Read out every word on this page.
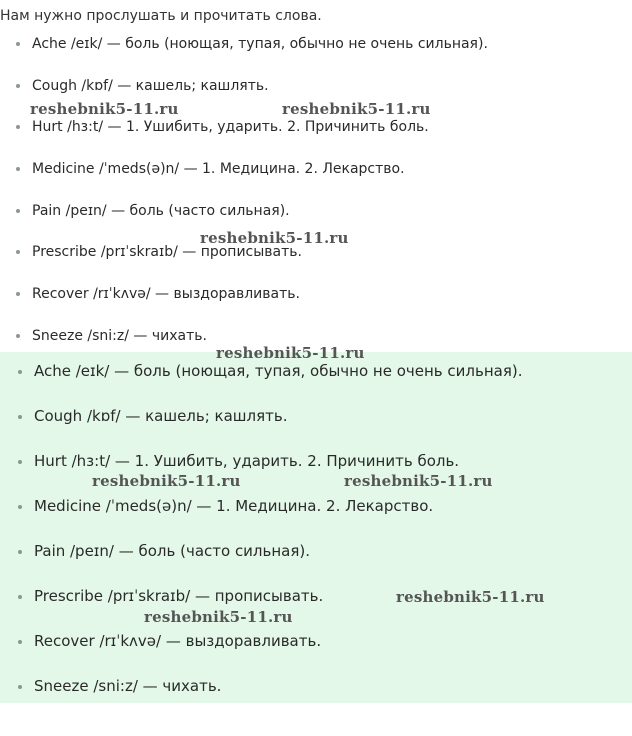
Нам нужно прослушать и прочитать слова.
Ache /eɪk/ — боль (ноющая, тупая, обычно не очень сильная).
Cough /kɒf/ — кашель; кашлять.
Hurt /hɜ:t/ — 1. Ушибить, ударить. 2. Причинить боль.
Medicine /ˈmeds(ə)n/ — 1. Медицина. 2. Лекарство.
Pain /peɪn/ — боль (часто сильная).
Prescribe /prɪˈskraɪb/ — прописывать.
Recover /rɪˈkʌvə/ — выздоравливать.
Sneeze /sni:z/ — чихать.
Ache /eɪk/ — боль (ноющая, тупая, обычно не очень сильная).
Cough /kɒf/ — кашель; кашлять.
Hurt /hɜ:t/ — 1. Ушибить, ударить. 2. Причинить боль.
Medicine /ˈmeds(ə)n/ — 1. Медицина. 2. Лекарство.
Pain /peɪn/ — боль (часто сильная).
Prescribe /prɪˈskraɪb/ — прописывать.
Recover /rɪˈkʌvə/ — выздоравливать.
Sneeze /sni:z/ — чихать.
reshebnik5-11.ru	reshebnik5-11.ru
reshebnik5-11.ru
reshebnik5-11.ru
reshebnik5-11.ru	reshebnik5-11.ru
reshebnik5-11.ru
reshebnik5-11.ru
